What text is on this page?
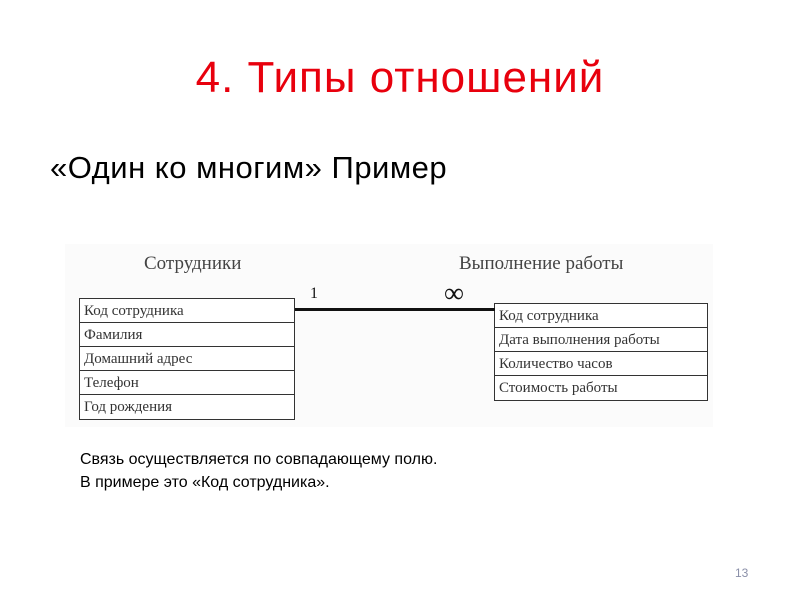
4. Типы отношений
«Один ко многим» Пример
Сотрудники
Код сотрудника
Фамилия
Домашний адрес
Телефон
Год рождения
Выполнение работы
Код сотрудника
Дата выполнения работы
Количество часов
Стоимость работы
1	∞
Связь осуществляется по совпадающему полю.
В примере это «Код сотрудника».
13
